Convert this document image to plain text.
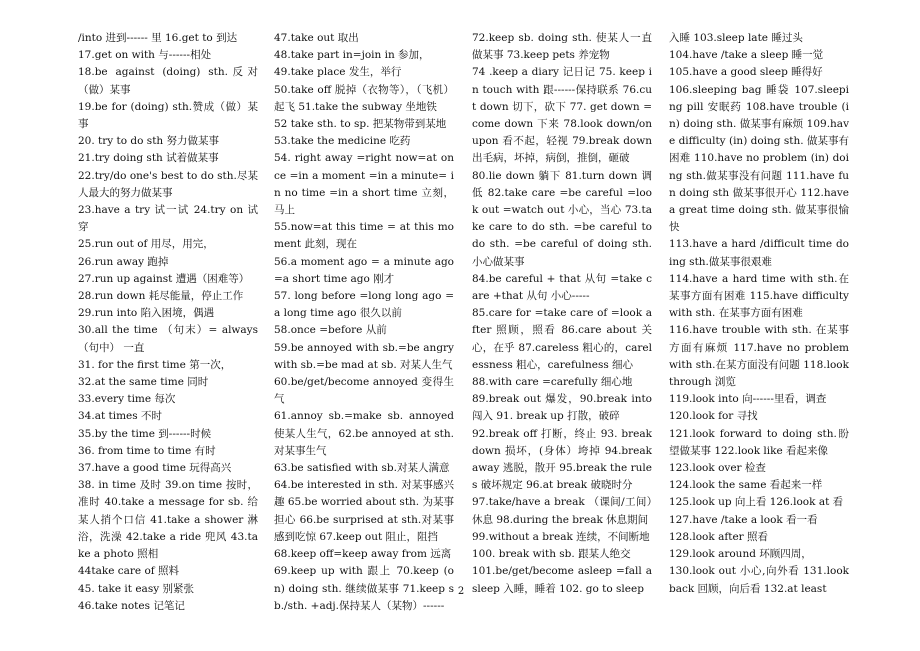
/into 进到------ 里 16.get to 到达

17.get on with 与------相处

18.be against (doing) sth.反对（做）某事

19.be for (doing) sth.赞成（做）某事

20. try to do sth 努力做某事

21.try doing sth 试着做某事

22.try/do one's best to do sth.尽某人最大的努力做某事

23.have a try 试一试 24.try on 试穿

25.run out of 用尽，用完，

26.run away 跑掉

27.run up against 遭遇（困难等）

28.run down 耗尽能量，停止工作

29.run into 陷入困境，偶遇

30.all the time （句末）= always（句中） 一直

31. for the first time 第一次，

32.at the same time 同时

33.every time 每次

34.at times 不时

35.by the time 到------时候

36. from time to time 有时

37.have a good time 玩得高兴

38. in time 及时 39.on time 按时，准时 40.take a message for sb. 给某人捎个口信 41.take a shower 淋浴，洗澡 42.take a ride 兜风 43.take a photo 照相

44take care of 照料

45. take it easy 别紧张

46.take notes 记笔记

47.take out 取出

48.take part in=join in 参加，

49.take place 发生，举行

50.take off 脱掉（衣物等），（飞机）起飞 51.take the subway 坐地铁

52 take sth. to sp. 把某物带到某地

53.take the medicine 吃药

54. right away =right now=at once =in a moment =in a minute= in no time =in a short time 立刻，马上

55.now=at this time = at this moment 此刻，现在

56.a moment ago = a minute ago =a short time ago 刚才

57. long before =long long ago =a long time ago 很久以前

58.once =before 从前

59.be annoyed with sb.=be angry with sb.=be mad at sb. 对某人生气

60.be/get/become annoyed 变得生气

61.annoy sb.=make sb. annoyed 使某人生气，62.be annoyed at sth.对某事生气

63.be satisfied with sb.对某人满意

64.be interested in sth. 对某事感兴趣 65.be worried about sth. 为某事担心 66.be surprised at sth.对某事感到吃惊 67.keep out 阻止，阻挡

68.keep off=keep away from 远离

69.keep up with 跟上 70.keep (on) doing sth. 继续做某事 71.keep sb./sth. +adj.保持某人（某物）------

72.keep sb. doing sth. 使某人一直做某事 73.keep pets 养宠物

74 .keep a diary 记日记 75. keep in touch with 跟------保持联系 76.cut down 切下，砍下 77. get down = come down 下来 78.look down/on upon 看不起，轻视 79.break down 出毛病，坏掉，病倒，推倒，砸破

80.lie down 躺下 81.turn down 调低 82.take care =be careful =look out =watch out 小心，当心 73.take care to do sth. =be careful to do sth. =be careful of doing sth. 小心做某事

84.be careful + that 从句 =take care +that 从句 小心-----

85.care for =take care of =look after 照顾，照看 86.care about 关心，在乎 87.careless 粗心的，carelessness 粗心，carefulness 细心

88.with care =carefully 细心地

89.break out 爆发，90.break into 闯入 91. break up 打散，破碎

92.break off 打断，终止 93. break down 损坏，(身体）垮掉 94.break away 逃脱，散开 95.break the rules 破坏规定 96.at break 破晓时分

97.take/have a break （课间/工间）休息 98.during the break 休息期间

99.without a break 连续，不间断地

100. break with sb. 跟某人绝交

101.be/get/become asleep =fall asleep 入睡，睡着 102. go to sleep

入睡 103.sleep late 睡过头

104.have /take a sleep 睡一觉

105.have a good sleep 睡得好

106.sleeping bag 睡袋 107.sleeping pill 安眠药 108.have trouble (in) doing sth. 做某事有麻烦 109.have difficulty (in) doing sth. 做某事有困难 110.have no problem (in) doing sth.做某事没有问题 111.have fun doing sth 做某事很开心 112.have a great time doing sth. 做某事很愉快

113.have a hard /difficult time doing sth.做某事很艰难

114.have a hard time with sth.在某事方面有困难 115.have difficulty with sth. 在某事方面有困难

116.have trouble with sth. 在某事方面有麻烦 117.have no problem with sth.在某方面没有问题 118.look through 浏览

119.look into 向------里看，调查

120.look for 寻找

121.look forward to doing sth.盼望做某事 122.look like 看起来像

123.look over 检查

124.look the same 看起来一样

125.look up 向上看 126.look at 看

127.have /take a look 看一看

128.look after 照看

129.look around 环顾四周，

130.look out 小心,向外看 131.look back 回顾，向后看 132.at least

2
